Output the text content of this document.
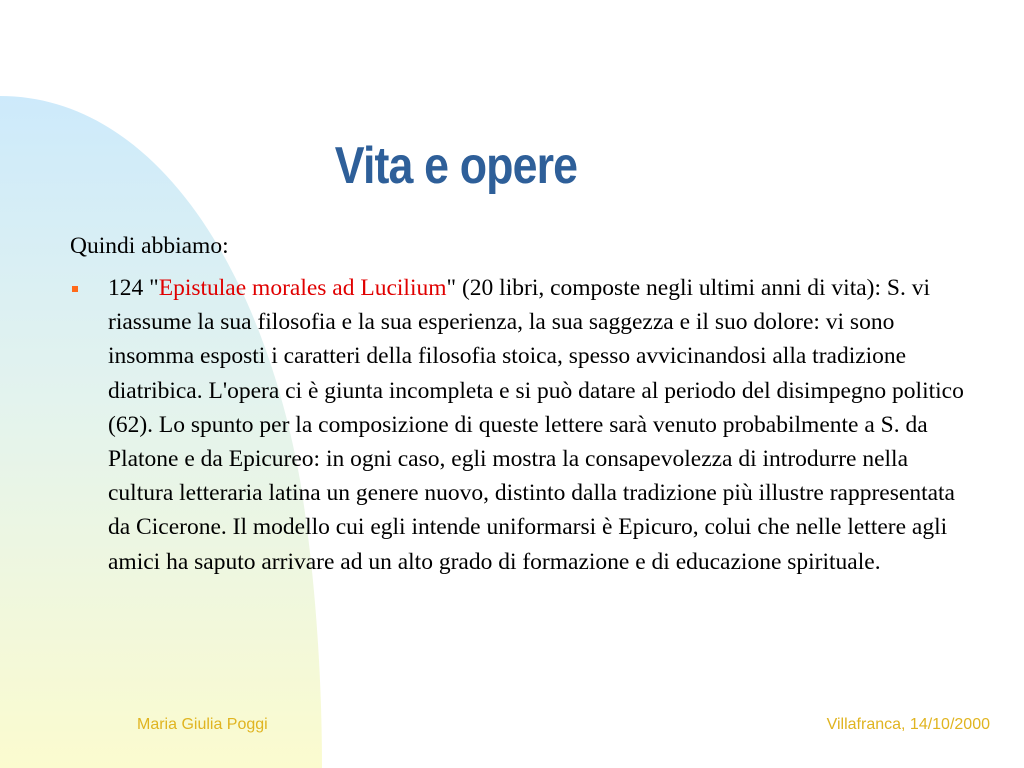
Vita e opere

Quindi abbiamo:

124 "Epistulae morales ad Lucilium" (20 libri, composte negli ultimi anni di vita): S. vi riassume la sua filosofia e la sua esperienza, la sua saggezza e il suo dolore: vi sono insomma esposti i caratteri della filosofia stoica, spesso avvicinandosi alla tradizione diatribica. L'opera ci è giunta incompleta e si può datare al periodo del disimpegno politico (62). Lo spunto per la composizione di queste lettere sarà venuto probabilmente a S. da Platone e da Epicureo: in ogni caso, egli mostra la consapevolezza di introdurre nella cultura letteraria latina un genere nuovo, distinto dalla tradizione più illustre rappresentata da Cicerone. Il modello cui egli intende uniformarsi è Epicuro, colui che nelle lettere agli amici ha saputo arrivare ad un alto grado di formazione e di educazione spirituale.
Maria Giulia Poggi	Villafranca, 14/10/2000
